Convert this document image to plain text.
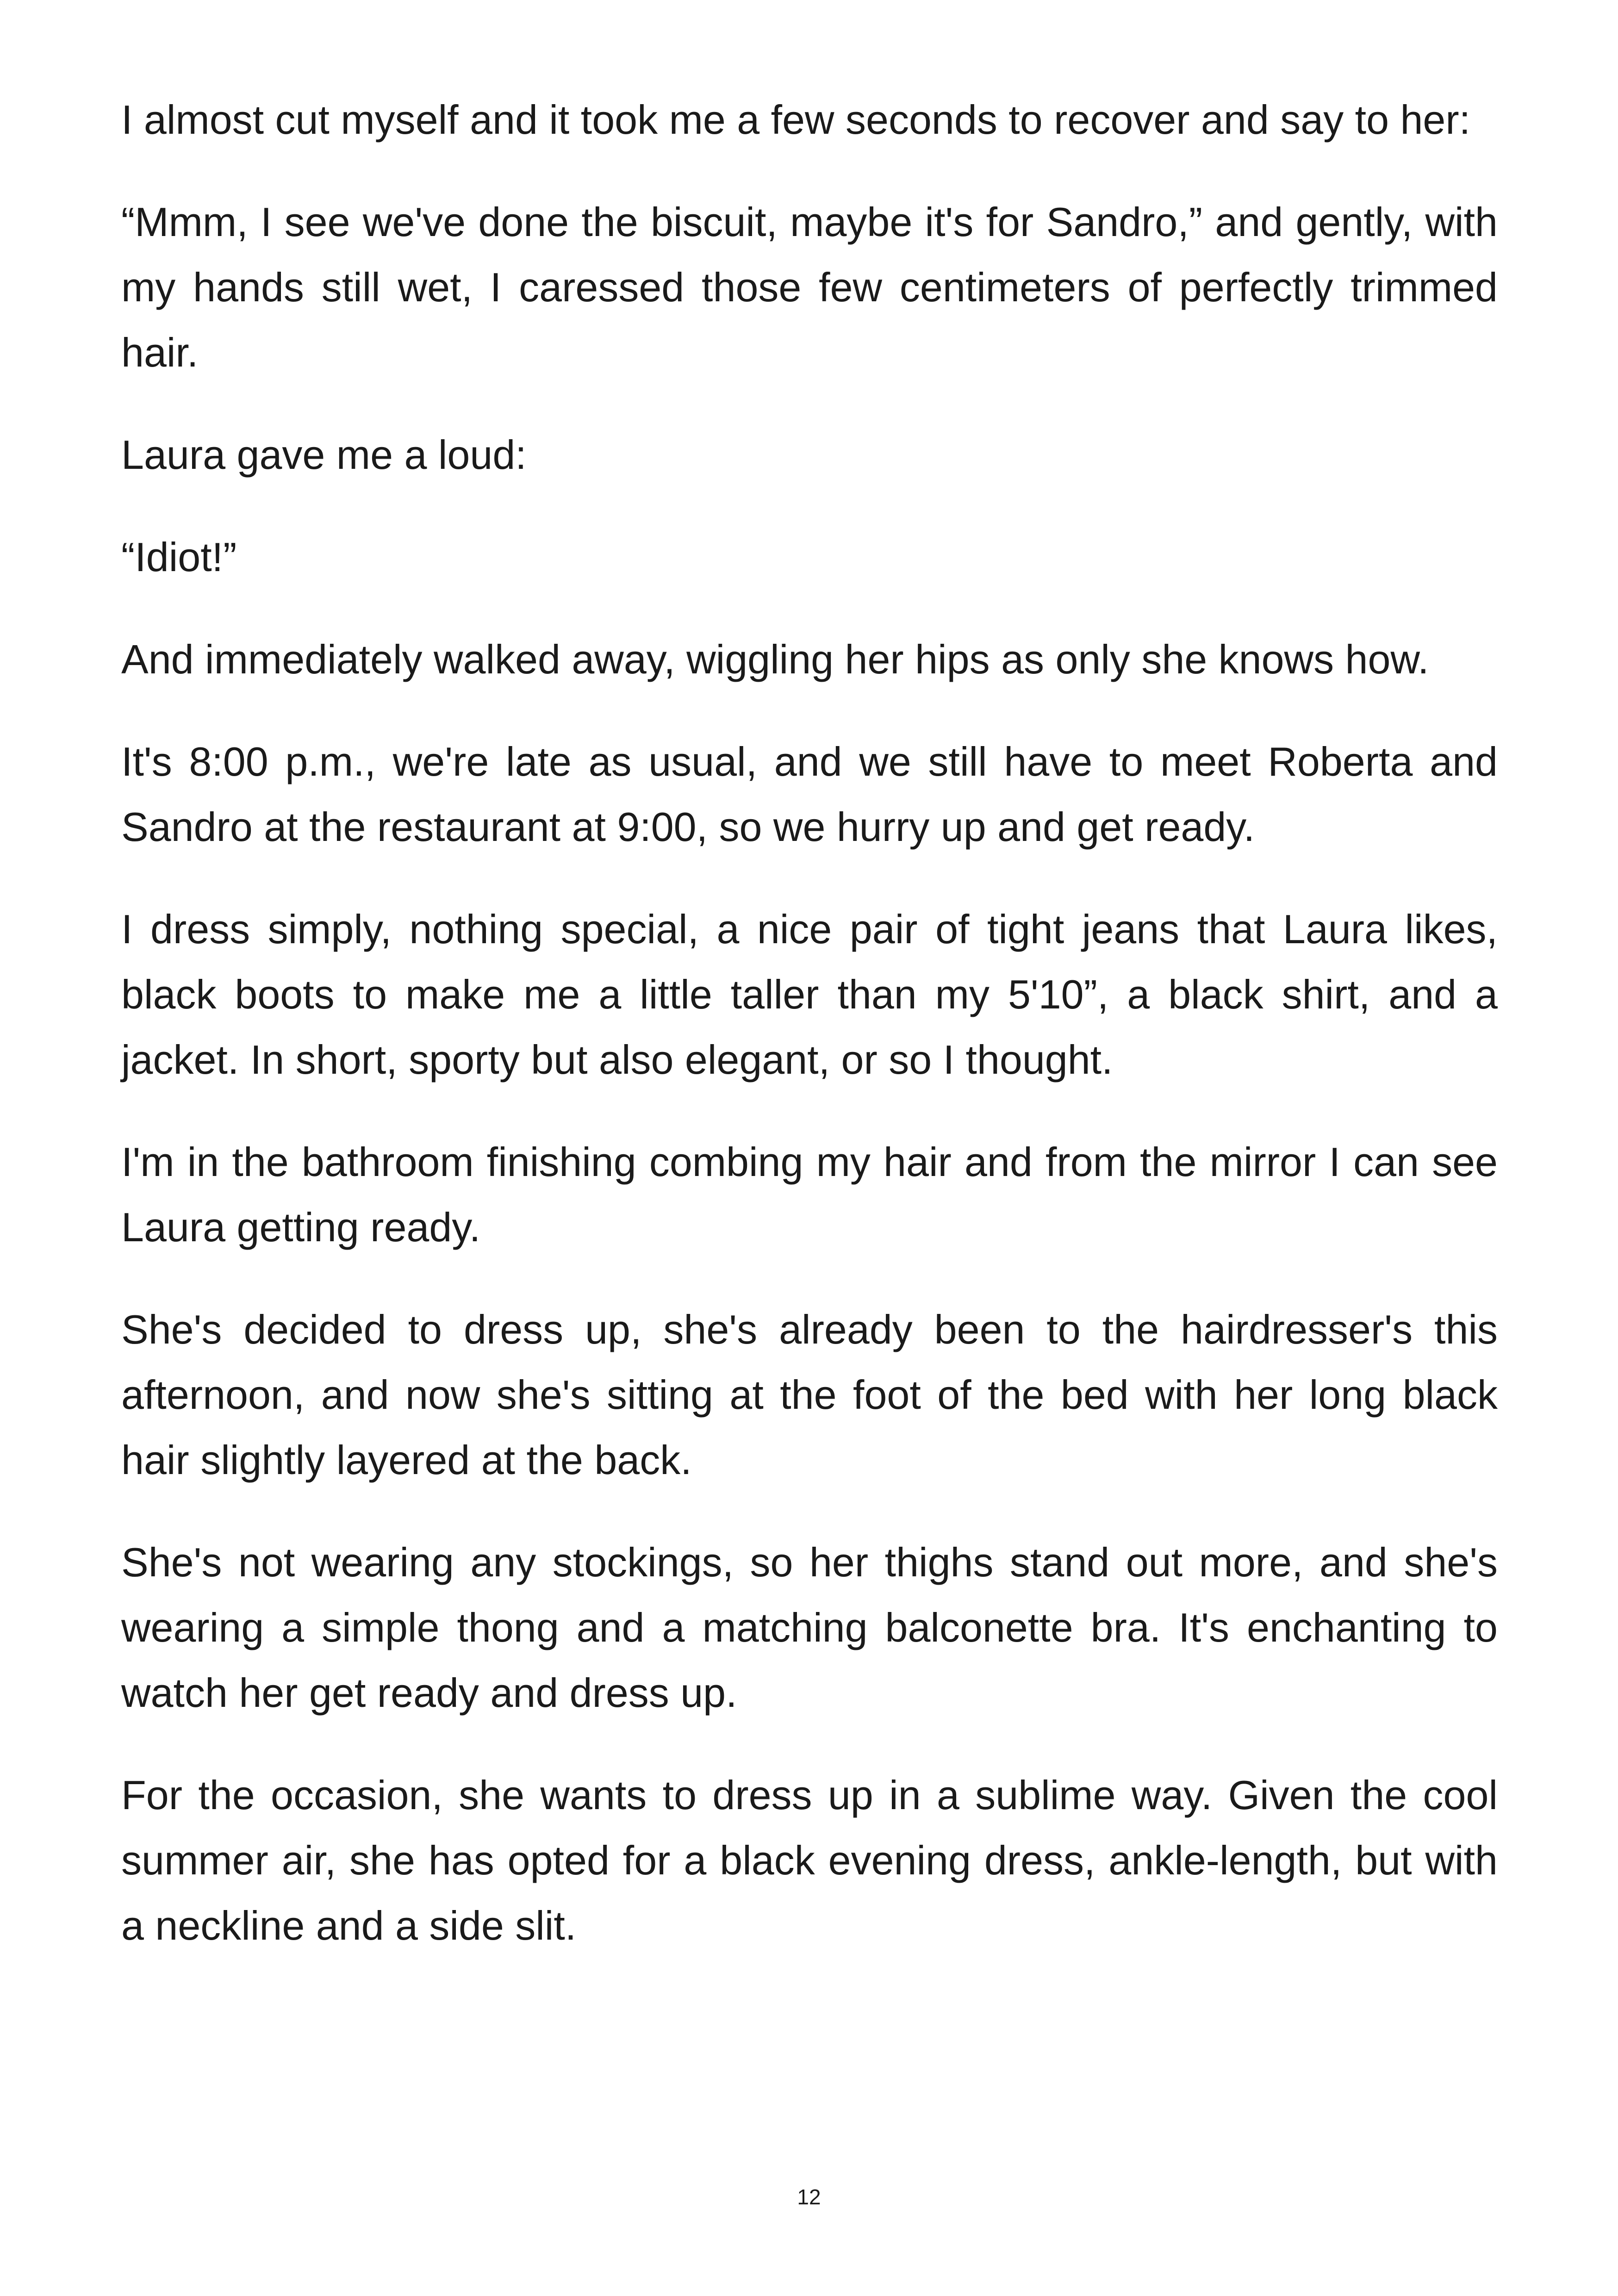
I almost cut myself and it took me a few seconds to recover and say to her:

“Mmm, I see we've done the biscuit, maybe it's for Sandro,” and gently, with my hands still wet, I caressed those few centimeters of perfectly trimmed hair.

Laura gave me a loud:

“Idiot!”

And immediately walked away, wiggling her hips as only she knows how.

It's 8:00 p.m., we're late as usual, and we still have to meet Roberta and Sandro at the restaurant at 9:00, so we hurry up and get ready.

I dress simply, nothing special, a nice pair of tight jeans that Laura likes, black boots to make me a little taller than my 5'10”, a black shirt, and a jacket. In short, sporty but also elegant, or so I thought.

I'm in the bathroom finishing combing my hair and from the mirror I can see Laura getting ready.

She's decided to dress up, she's already been to the hairdresser's this afternoon, and now she's sitting at the foot of the bed with her long black hair slightly layered at the back.

She's not wearing any stockings, so her thighs stand out more, and she's wearing a simple thong and a matching balconette bra. It's enchanting to watch her get ready and dress up.

For the occasion, she wants to dress up in a sublime way. Given the cool summer air, she has opted for a black evening dress, ankle-length, but with a neckline and a side slit.

12
